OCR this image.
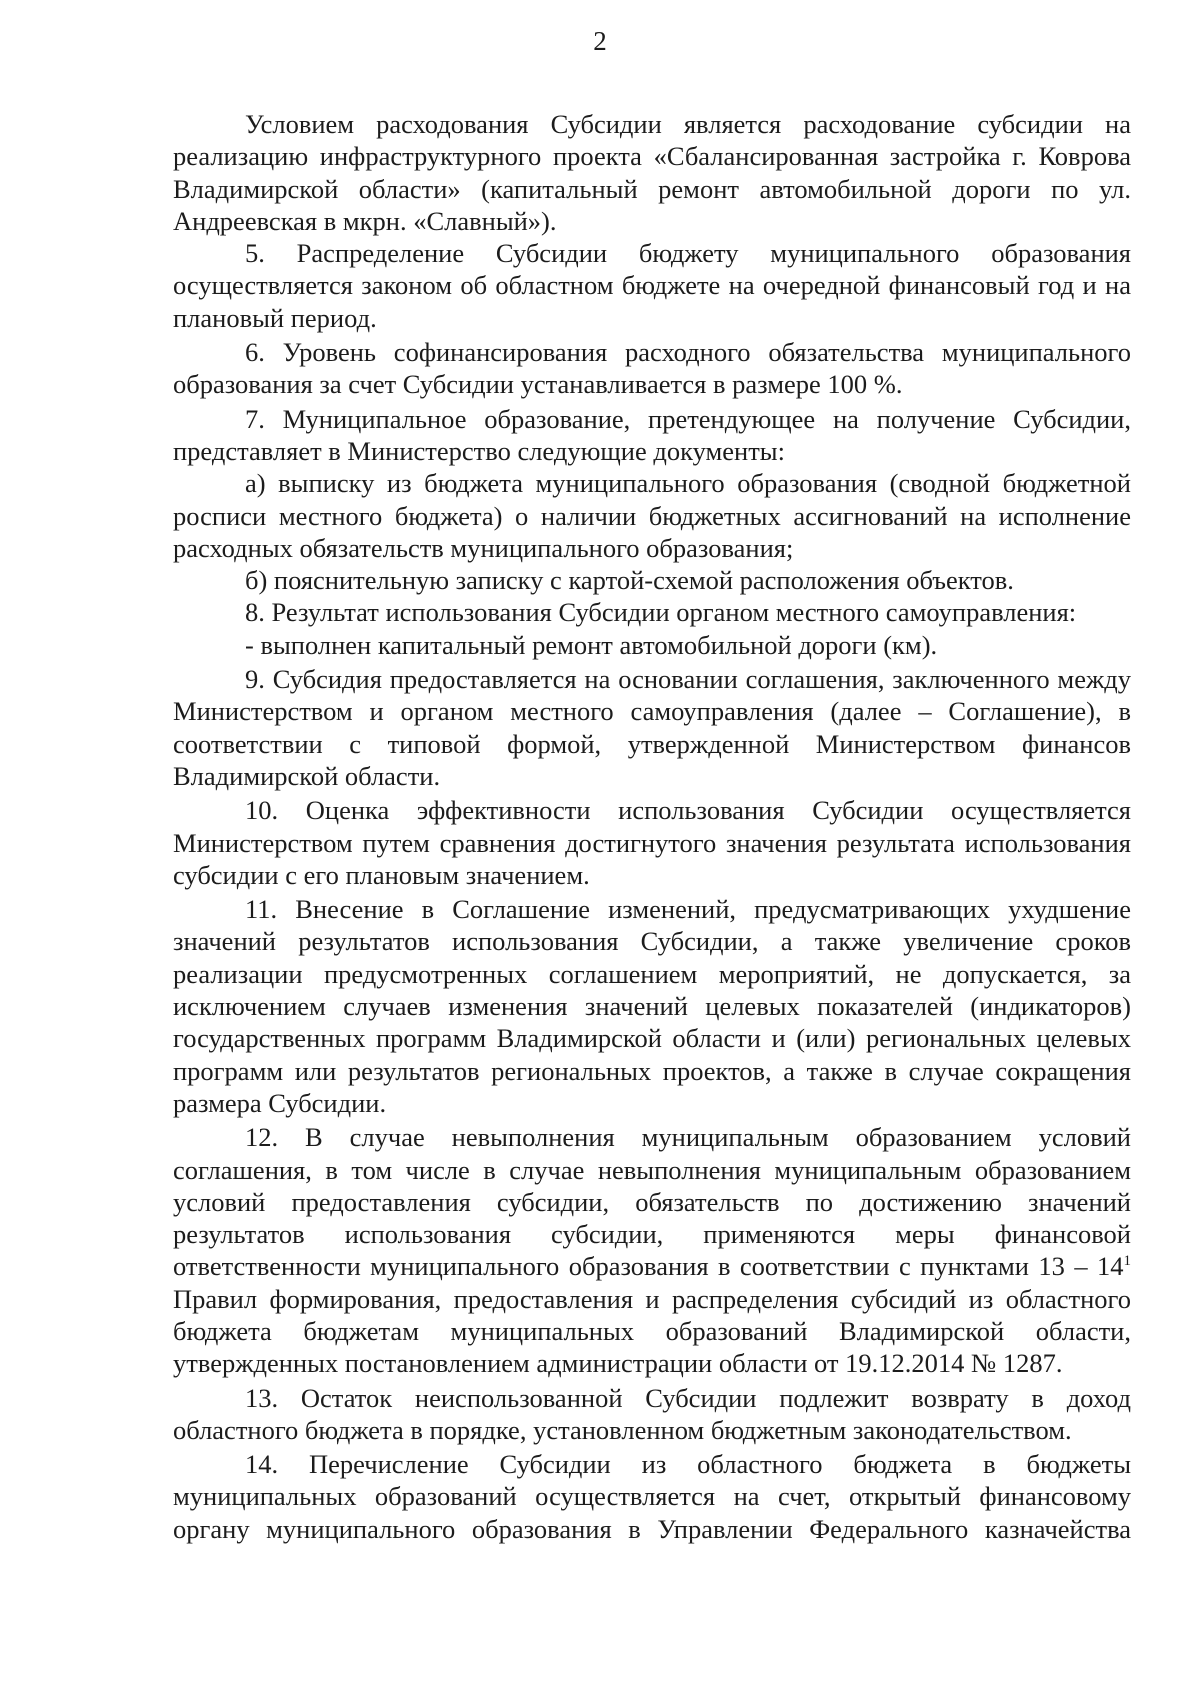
2

Условием расходования Субсидии является расходование субсидии на реализацию инфраструктурного проекта «Сбалансированная застройка г. Коврова Владимирской области» (капитальный ремонт автомобильной дороги по ул. Андреевская в мкрн. «Славный»).

5. Распределение Субсидии бюджету муниципального образования осуществляется законом об областном бюджете на очередной финансовый год и на плановый период.

6. Уровень софинансирования расходного обязательства муниципального образования за счет Субсидии устанавливается в размере 100 %.

7. Муниципальное образование, претендующее на получение Субсидии, представляет в Министерство следующие документы:

а) выписку из бюджета муниципального образования (сводной бюджетной росписи местного бюджета) о наличии бюджетных ассигнований на исполнение расходных обязательств муниципального образования;

б) пояснительную записку с картой-схемой расположения объектов.

8. Результат использования Субсидии органом местного самоуправления:

- выполнен капитальный ремонт автомобильной дороги (км).

9. Субсидия предоставляется на основании соглашения, заключенного между Министерством и органом местного самоуправления (далее – Соглашение), в соответствии с типовой формой, утвержденной Министерством финансов Владимирской области.

10. Оценка эффективности использования Субсидии осуществляется Министерством путем сравнения достигнутого значения результата использования субсидии с его плановым значением.

11. Внесение в Соглашение изменений, предусматривающих ухудшение значений результатов использования Субсидии, а также увеличение сроков реализации предусмотренных соглашением мероприятий, не допускается, за исключением случаев изменения значений целевых показателей (индикаторов) государственных программ Владимирской области и (или) региональных целевых программ или результатов региональных проектов, а также в случае сокращения размера Субсидии.

12. В случае невыполнения муниципальным образованием условий соглашения, в том числе в случае невыполнения муниципальным образованием условий предоставления субсидии, обязательств по достижению значений результатов использования субсидии, применяются меры финансовой ответственности муниципального образования в соответствии с пунктами $13 - 14^1$ Правил формирования, предоставления и распределения субсидий из областного бюджета бюджетам муниципальных образований Владимирской области, утвержденных постановлением администрации области от 19.12.2014 № 1287.

13. Остаток неиспользованной Субсидии подлежит возврату в доход областного бюджета в порядке, установленном бюджетным законодательством.

14. Перечисление Субсидии из областного бюджета в бюджеты муниципальных образований осуществляется на счет, открытый финансовому органу муниципального образования в Управлении Федерального казначейства
